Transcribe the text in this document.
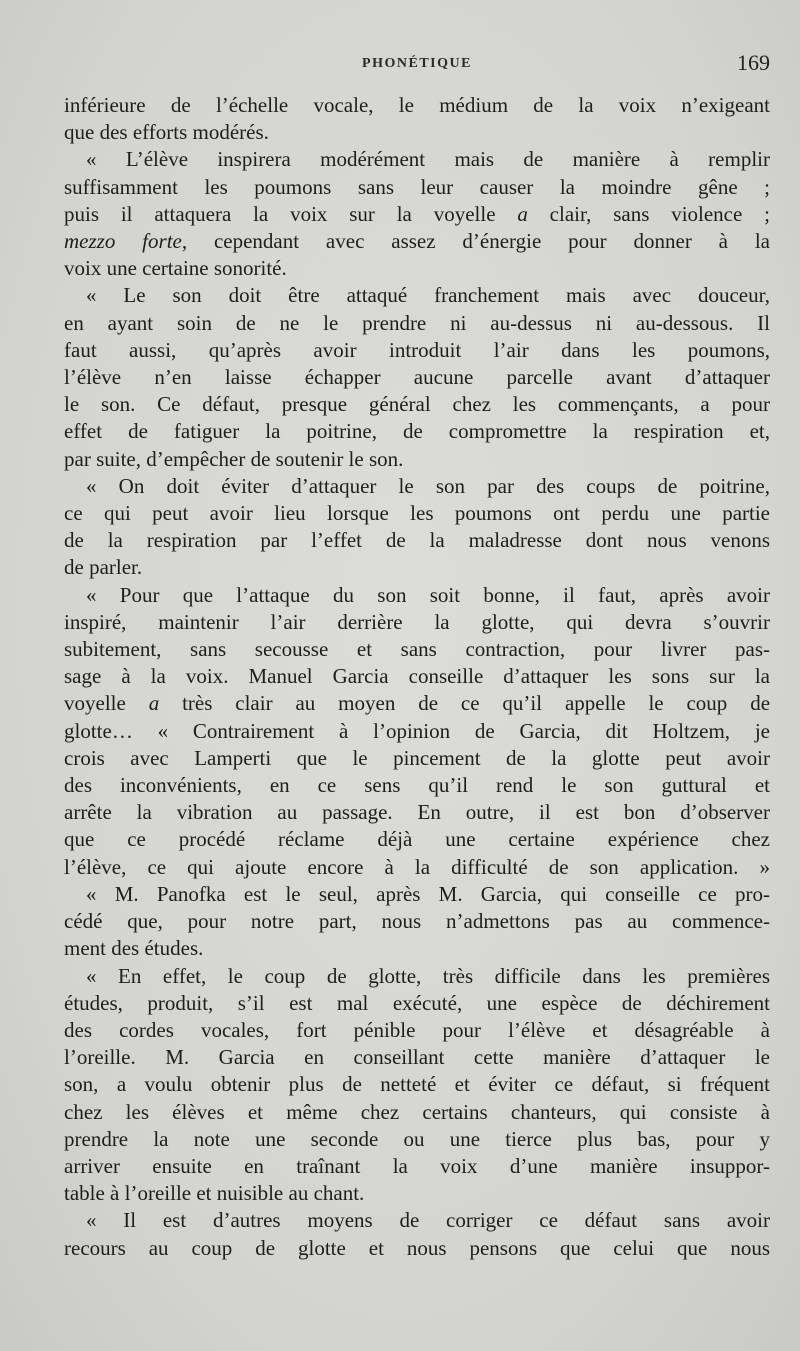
PHONÉTIQUE	169
inférieure de l’échelle vocale, le médium de la voix n’exigeant
que des efforts modérés.
« L’élève inspirera modérément mais de manière à remplir
suffisamment les poumons sans leur causer la moindre gêne ;
puis il attaquera la voix sur la voyelle a clair, sans violence ;
mezzo forte, cependant avec assez d’énergie pour donner à la
voix une certaine sonorité.
« Le son doit être attaqué franchement mais avec douceur,
en ayant soin de ne le prendre ni au-dessus ni au-dessous. Il
faut aussi, qu’après avoir introduit l’air dans les poumons,
l’élève n’en laisse échapper aucune parcelle avant d’attaquer
le son. Ce défaut, presque général chez les commençants, a pour
effet de fatiguer la poitrine, de compromettre la respiration et,
par suite, d’empêcher de soutenir le son.
« On doit éviter d’attaquer le son par des coups de poitrine,
ce qui peut avoir lieu lorsque les poumons ont perdu une partie
de la respiration par l’effet de la maladresse dont nous venons
de parler.
« Pour que l’attaque du son soit bonne, il faut, après avoir
inspiré, maintenir l’air derrière la glotte, qui devra s’ouvrir
subitement, sans secousse et sans contraction, pour livrer pas-
sage à la voix. Manuel Garcia conseille d’attaquer les sons sur la
voyelle a très clair au moyen de ce qu’il appelle le coup de
glotte… « Contrairement à l’opinion de Garcia, dit Holtzem, je
crois avec Lamperti que le pincement de la glotte peut avoir
des inconvénients, en ce sens qu’il rend le son guttural et
arrête la vibration au passage. En outre, il est bon d’observer
que ce procédé réclame déjà une certaine expérience chez
l’élève, ce qui ajoute encore à la difficulté de son application. »
« M. Panofka est le seul, après M. Garcia, qui conseille ce pro-
cédé que, pour notre part, nous n’admettons pas au commence-
ment des études.
« En effet, le coup de glotte, très difficile dans les premières
études, produit, s’il est mal exécuté, une espèce de déchirement
des cordes vocales, fort pénible pour l’élève et désagréable à
l’oreille. M. Garcia en conseillant cette manière d’attaquer le
son, a voulu obtenir plus de netteté et éviter ce défaut, si fréquent
chez les élèves et même chez certains chanteurs, qui consiste à
prendre la note une seconde ou une tierce plus bas, pour y
arriver ensuite en traînant la voix d’une manière insuppor-
table à l’oreille et nuisible au chant.
« Il est d’autres moyens de corriger ce défaut sans avoir
recours au coup de glotte et nous pensons que celui que nous
